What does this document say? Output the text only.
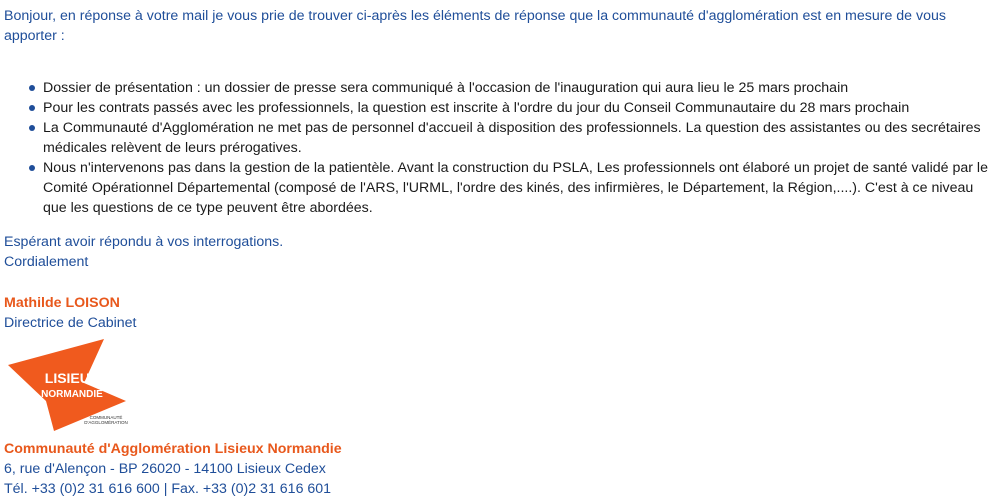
Bonjour, en réponse à votre mail je vous prie de trouver ci-après les éléments de réponse que la communauté d'agglomération est en mesure de vous apporter :

Dossier de présentation : un dossier de presse sera communiqué à l'occasion de l'inauguration qui aura lieu le 25 mars prochain
Pour les contrats passés avec les professionnels, la question est inscrite à l'ordre du jour du Conseil Communautaire du 28 mars prochain
La Communauté d'Agglomération ne met pas de personnel d'accueil à disposition des professionnels. La question des assistantes ou des secrétaires médicales relèvent de leurs prérogatives.
Nous n'intervenons pas dans la gestion de la patientèle. Avant la construction du PSLA, Les professionnels ont élaboré un projet de santé validé par le Comité Opérationnel Départemental (composé de l'ARS, l'URML, l'ordre des kinés, des infirmières, le Département, la Région,....). C'est à ce niveau que les questions de ce type peuvent être abordées.

Espérant avoir répondu à vos interrogations.

Cordialement

Mathilde LOISON

Directrice de Cabinet

LISIEUX
NORMANDIE
COMMUNAUTÉ
D'AGGLOMÉRATION

Communauté d'Agglomération Lisieux Normandie

6, rue d'Alençon - BP 26020 - 14100 Lisieux Cedex

Tél. +33 (0)2 31 616 600 | Fax. +33 (0)2 31 616 601
